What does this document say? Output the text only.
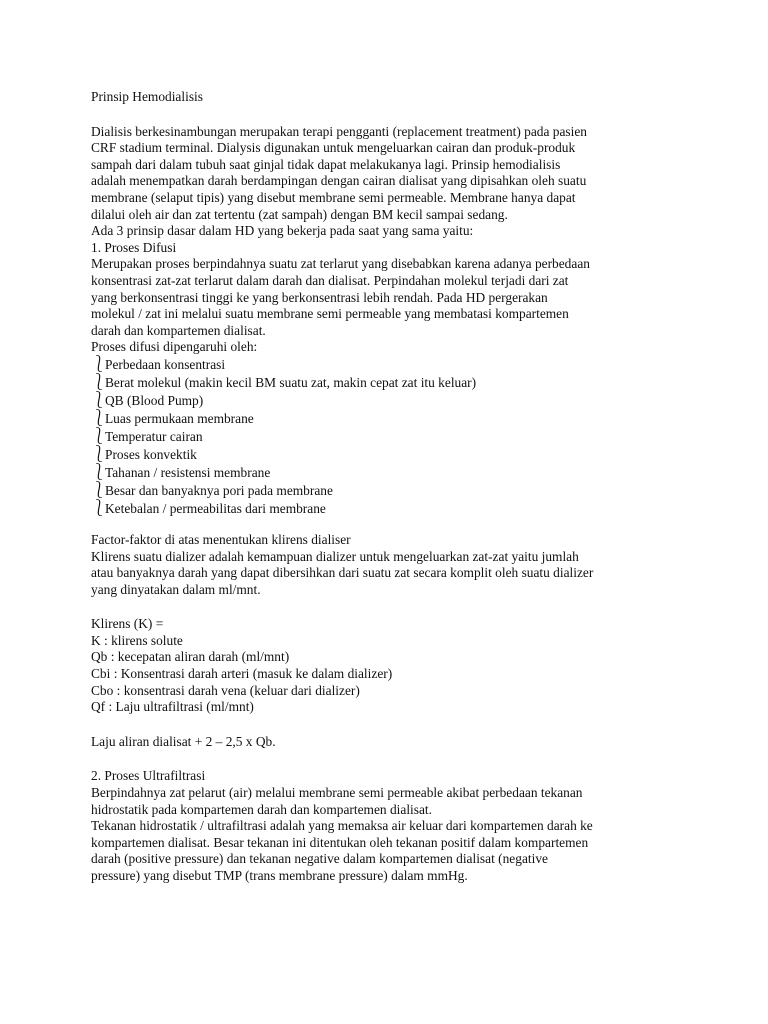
Prinsip Hemodialisis
Dialisis berkesinambungan merupakan terapi pengganti (replacement treatment) pada pasien
CRF stadium terminal. Dialysis digunakan untuk mengeluarkan cairan dan produk-produk
sampah dari dalam tubuh saat ginjal tidak dapat melakukanya lagi. Prinsip hemodialisis
adalah menempatkan darah berdampingan dengan cairan dialisat yang dipisahkan oleh suatu
membrane (selaput tipis) yang disebut membrane semi permeable. Membrane hanya dapat
dilalui oleh air dan zat tertentu (zat sampah) dengan BM kecil sampai sedang.
Ada 3 prinsip dasar dalam HD yang bekerja pada saat yang sama yaitu:
1. Proses Difusi
Merupakan proses berpindahnya suatu zat terlarut yang disebabkan karena adanya perbedaan
konsentrasi zat-zat terlarut dalam darah dan dialisat. Perpindahan molekul terjadi dari zat
yang berkonsentrasi tinggi ke yang berkonsentrasi lebih rendah. Pada HD pergerakan
molekul / zat ini melalui suatu membrane semi permeable yang membatasi kompartemen
darah dan kompartemen dialisat.
Proses difusi dipengaruhi oleh:
⎱Perbedaan konsentrasi
⎱Berat molekul (makin kecil BM suatu zat, makin cepat zat itu keluar)
⎱QB (Blood Pump)
⎱Luas permukaan membrane
⎱Temperatur cairan
⎱Proses konvektik
⎱Tahanan / resistensi membrane
⎱Besar dan banyaknya pori pada membrane
⎱Ketebalan / permeabilitas dari membrane
Factor-faktor di atas menentukan klirens dialiser
Klirens suatu dializer adalah kemampuan dializer untuk mengeluarkan zat-zat yaitu jumlah
atau banyaknya darah yang dapat dibersihkan dari suatu zat secara komplit oleh suatu dializer
yang dinyatakan dalam ml/mnt.
Klirens (K) =
K : klirens solute
Qb : kecepatan aliran darah (ml/mnt)
Cbi : Konsentrasi darah arteri (masuk ke dalam dializer)
Cbo : konsentrasi darah vena (keluar dari dializer)
Qf : Laju ultrafiltrasi (ml/mnt)
Laju aliran dialisat + 2 – 2,5 x Qb.
2. Proses Ultrafiltrasi
Berpindahnya zat pelarut (air) melalui membrane semi permeable akibat perbedaan tekanan
hidrostatik pada kompartemen darah dan kompartemen dialisat.
Tekanan hidrostatik / ultrafiltrasi adalah yang memaksa air keluar dari kompartemen darah ke
kompartemen dialisat. Besar tekanan ini ditentukan oleh tekanan positif dalam kompartemen
darah (positive pressure) dan tekanan negative dalam kompartemen dialisat (negative
pressure) yang disebut TMP (trans membrane pressure) dalam mmHg.
